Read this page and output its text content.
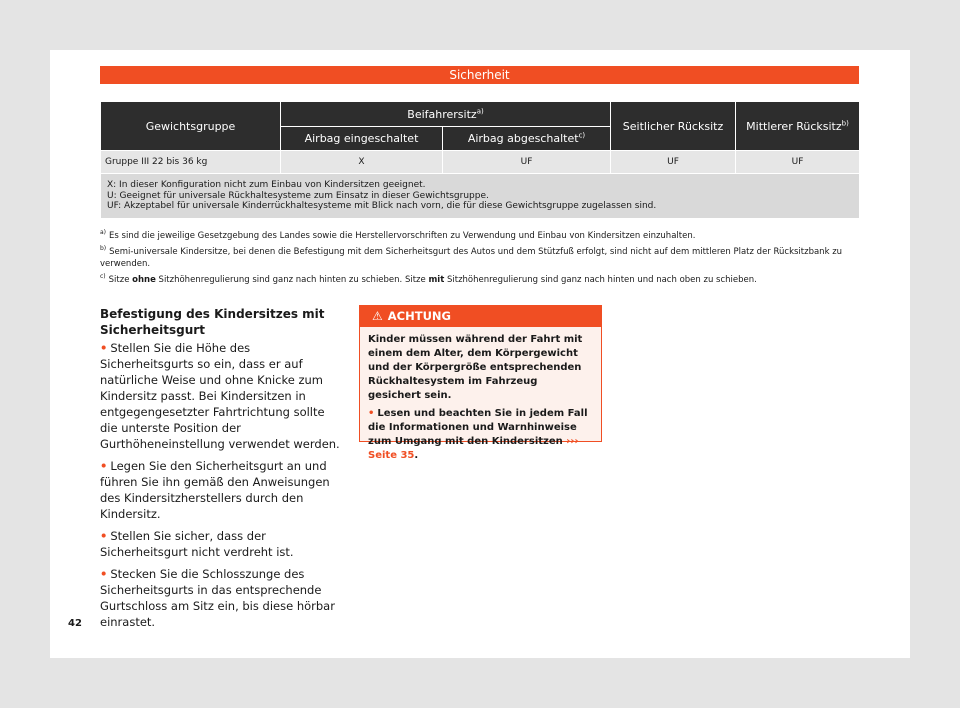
Sicherheit
Gewichtsgruppe	Beifahrersitz$^{a)}$		Seitlicher Rücksitz	Mittlerer Rücksitz$^{b)}$
	Airbag eingeschaltet	Airbag abgeschaltet$^{c)}$
Gruppe III 22 bis 36 kg	X	UF	UF	UF

X: In dieser Konfiguration nicht zum Einbau von Kindersitzen geeignet.
U: Geeignet für universale Rückhaltesysteme zum Einsatz in dieser Gewichtsgruppe.
UF: Akzeptabel für universale Kinderrückhaltesysteme mit Blick nach vorn, die für diese Gewichtsgruppe zugelassen sind.				
$^{a)}$ Es sind die jeweilige Gesetzgebung des Landes sowie die Herstellervorschriften zu Verwendung und Einbau von Kindersitzen einzuhalten.
$^{b)}$ Semi-universale Kindersitze, bei denen die Befestigung mit dem Sicherheitsgurt des Autos und dem Stützfuß erfolgt, sind nicht auf dem mittleren Platz der Rücksitzbank zu verwenden.
$^{c)}$ Sitze ohne Sitzhöhenregulierung sind ganz nach hinten zu schieben. Sitze mit Sitzhöhenregulierung sind ganz nach hinten und nach oben zu schieben.
Befestigung des Kindersitzes mit Sicherheitsgurt
• Stellen Sie die Höhe des Sicherheitsgurts so ein, dass er auf natürliche Weise und ohne Knicke zum Kindersitz passt. Bei Kindersitzen in entgegengesetzter Fahrtrichtung sollte die unterste Position der Gurthöheneinstellung verwendet werden.
• Legen Sie den Sicherheitsgurt an und führen Sie ihn gemäß den Anweisungen des Kindersitzherstellers durch den Kindersitz.
• Stellen Sie sicher, dass der Sicherheitsgurt nicht verdreht ist.
• Stecken Sie die Schlosszunge des Sicherheitsgurts in das entsprechende Gurtschloss am Sitz ein, bis diese hörbar einrastet.
⚠ ACHTUNG

Kinder müssen während der Fahrt mit einem dem Alter, dem Körpergewicht und der Körpergröße entsprechenden Rückhaltesystem im Fahrzeug gesichert sein.

• Lesen und beachten Sie in jedem Fall die Informationen und Warnhinweise zum Umgang mit den Kindersitzen ››› Seite 35.

42
